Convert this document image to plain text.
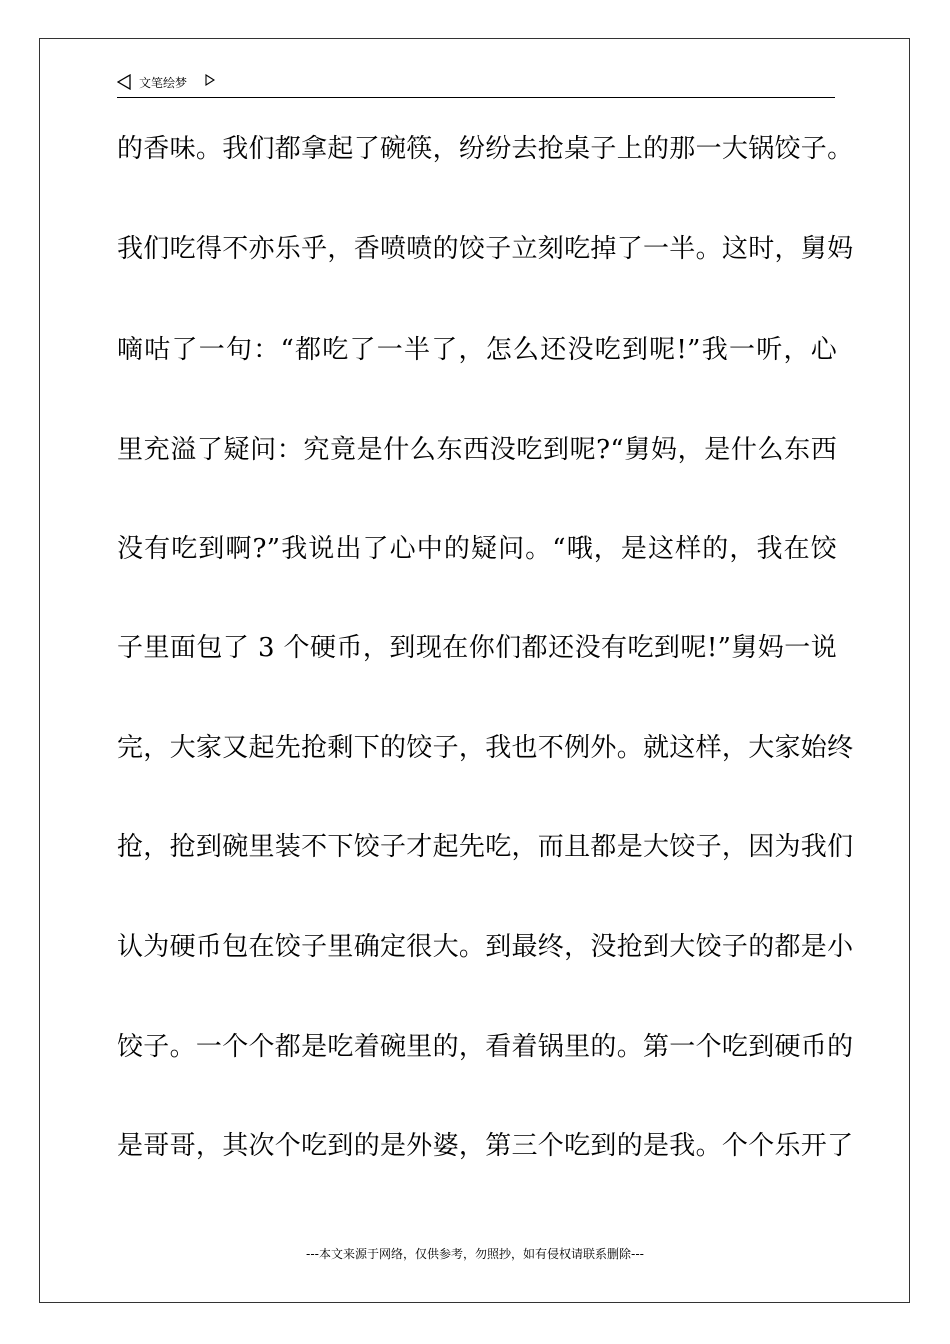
文笔绘梦
的香味。我们都拿起了碗筷，纷纷去抢桌子上的那一大锅饺子。
我们吃得不亦乐乎，香喷喷的饺子立刻吃掉了一半。这时，舅妈
嘀咕了一句：“都吃了一半了，怎么还没吃到呢!”我一听，心
里充溢了疑问：究竟是什么东西没吃到呢?“舅妈，是什么东西
没有吃到啊?”我说出了心中的疑问。“哦，是这样的，我在饺
子里面包了 3 个硬币，到现在你们都还没有吃到呢!”舅妈一说
完，大家又起先抢剩下的饺子，我也不例外。就这样，大家始终
抢，抢到碗里装不下饺子才起先吃，而且都是大饺子，因为我们
认为硬币包在饺子里确定很大。到最终，没抢到大饺子的都是小
饺子。一个个都是吃着碗里的，看着锅里的。第一个吃到硬币的
是哥哥，其次个吃到的是外婆，第三个吃到的是我。个个乐开了
---本文来源于网络，仅供参考，勿照抄，如有侵权请联系删除---
